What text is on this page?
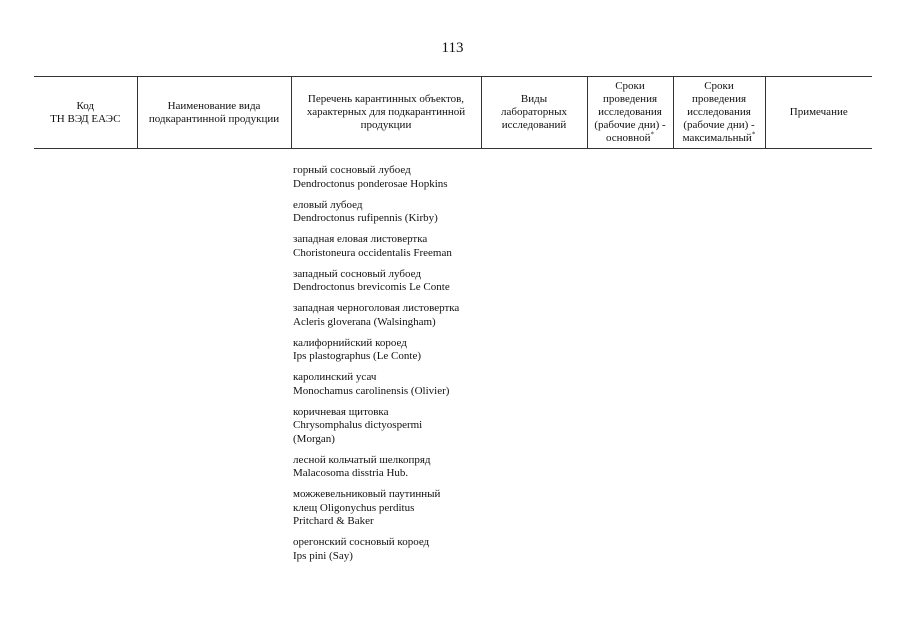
113
Код
ТН ВЭД ЕАЭС	Наименование вида
подкарантинной продукции	Перечень карантинных объектов,
характерных для подкарантинной
продукции	Виды
лабораторных
исследований	Сроки
проведения
исследования
(рабочие дни) -
основной*	Сроки
проведения
исследования
(рабочие дни) -
максимальный*	Примечание
горный сосновый лубоед
Dendroctonus ponderosae Hopkins
еловый лубоед
Dendroctonus rufipennis (Kirby)
западная еловая листовертка
Choristoneura occidentalis Freeman
западный сосновый лубоед
Dendroctonus brevicomis Le Conte
западная черноголовая листовертка
Acleris gloverana (Walsingham)
калифорнийский короед
Ips plastographus (Le Conte)
каролинский усач
Monochamus carolinensis (Olivier)
коричневая щитовка
Chrysomphalus dictyospermi
(Morgan)
лесной кольчатый шелкопряд
Malacosoma disstria Hub.
можжевельниковый паутинный
клещ Oligonychus perditus
Pritchard & Baker
орегонский сосновый короед
Ips pini (Say)
